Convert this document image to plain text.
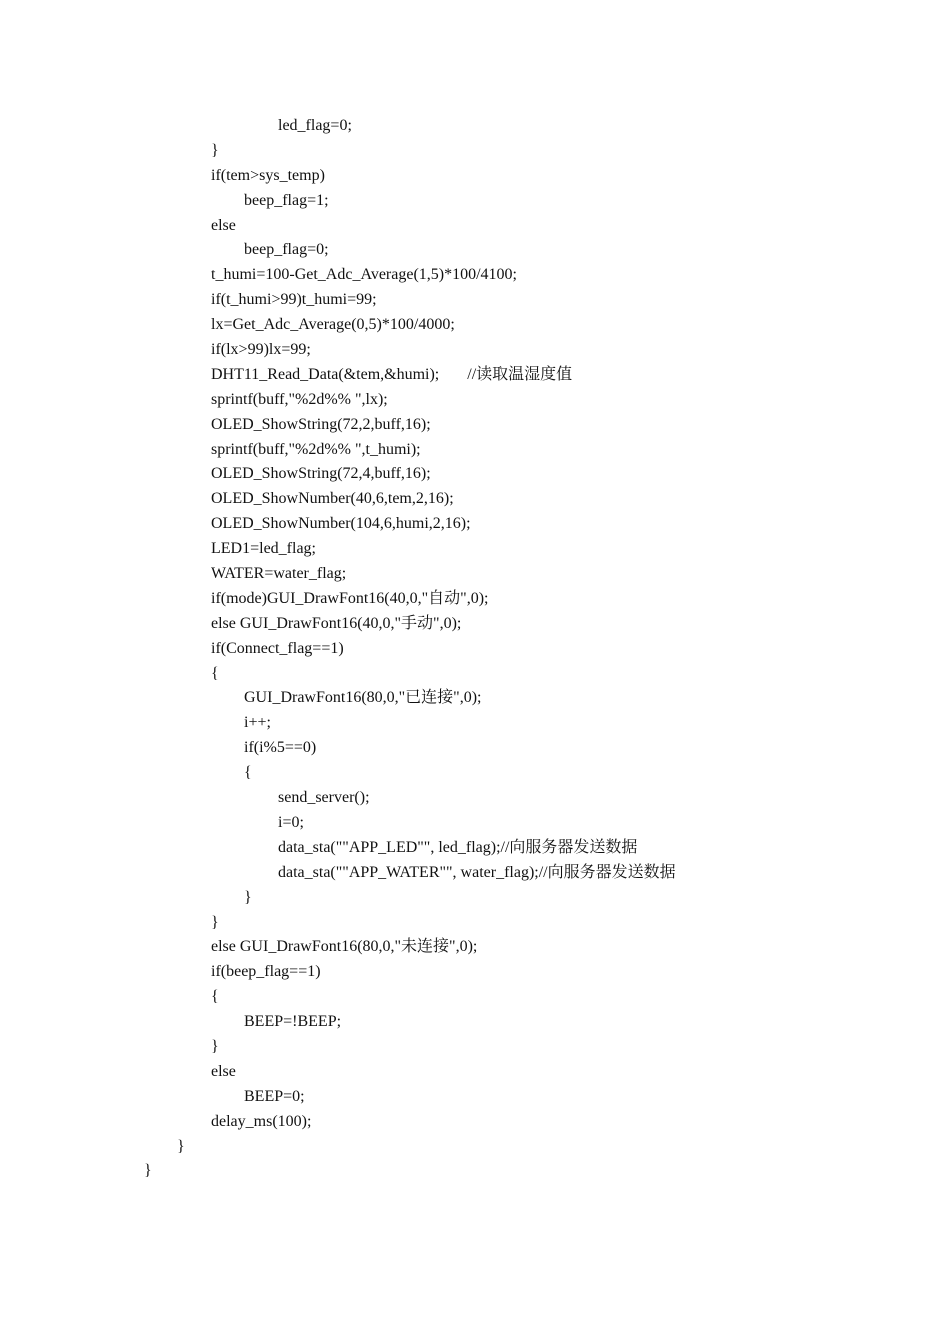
led_flag=0;
}
if(tem>sys_temp)
beep_flag=1;
else
beep_flag=0;
t_humi=100-Get_Adc_Average(1,5)*100/4100;
if(t_humi>99)t_humi=99;
lx=Get_Adc_Average(0,5)*100/4000;
if(lx>99)lx=99;
DHT11_Read_Data(&tem,&humi); //读取温湿度值
sprintf(buff,"%2d%% ",lx);
OLED_ShowString(72,2,buff,16);
sprintf(buff,"%2d%% ",t_humi);
OLED_ShowString(72,4,buff,16);
OLED_ShowNumber(40,6,tem,2,16);
OLED_ShowNumber(104,6,humi,2,16);
LED1=led_flag;
WATER=water_flag;
if(mode)GUI_DrawFont16(40,0,"自动",0);
else GUI_DrawFont16(40,0,"手动",0);
if(Connect_flag==1)
{
GUI_DrawFont16(80,0,"已连接",0);
i++;
if(i%5==0)
{
send_server();
i=0;
data_sta(""APP_LED"", led_flag);//向服务器发送数据
data_sta(""APP_WATER"", water_flag);//向服务器发送数据
}
}
else GUI_DrawFont16(80,0,"未连接",0);
if(beep_flag==1)
{
BEEP=!BEEP;
}
else
BEEP=0;
delay_ms(100);
}
}
